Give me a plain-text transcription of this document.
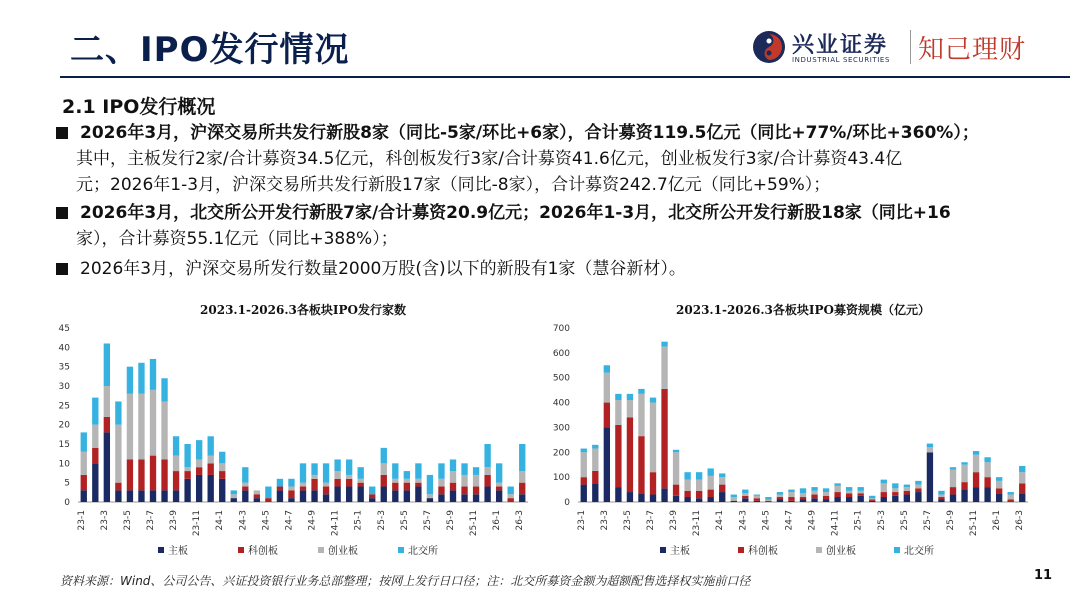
二、IPO发行情况	兴业证券
INDUSTRIAL SECURITIES 知己理财
2.1 IPO发行概况
2026年3月，沪深交易所共发行新股8家（同比-5家/环比+6家），合计募资119.5亿元（同比+77%/环比+360%）；
其中，主板发行2家/合计募资34.5亿元，科创板发行3家/合计募资41.6亿元，创业板发行3家/合计募资43.4亿
元；2026年1-3月，沪深交易所共发行新股17家（同比-8家），合计募资242.7亿元（同比+59%）；
2026年3月，北交所公开发行新股7家/合计募资20.9亿元；2026年1-3月，北交所公开发行新股18家（同比+16
家），合计募资55.1亿元（同比+388%）；
2026年3月，沪深交易所发行数量2000万股(含)以下的新股有1家（慧谷新材）。
2023.1-2026.3各板块IPO发行家数
0
5
10
15
20
25
30
35
40
45
23-1 23-3 23-5 23-7 23-9 23-11 24-1 24-3 24-5 24-7 24-9 24-11 25-1 25-3 25-5 25-7 25-9 25-11 26-1 26-3
主板	科创板	创业板	北交所
2023.1-2026.3各板块IPO募资规模（亿元）
0
100
200
300
400
500
600
700
23-1 23-3 23-5 23-7 23-9 23-11 24-1 24-3 24-5 24-7 24-9 24-11 25-1 25-3 25-5 25-7 25-9 25-11 26-1 26-3
主板	科创板	创业板	北交所
资料来源：Wind、公司公告、兴证投资银行业务总部整理；按网上发行日口径；注：北交所募资金额为超额配售选择权实施前口径	11
